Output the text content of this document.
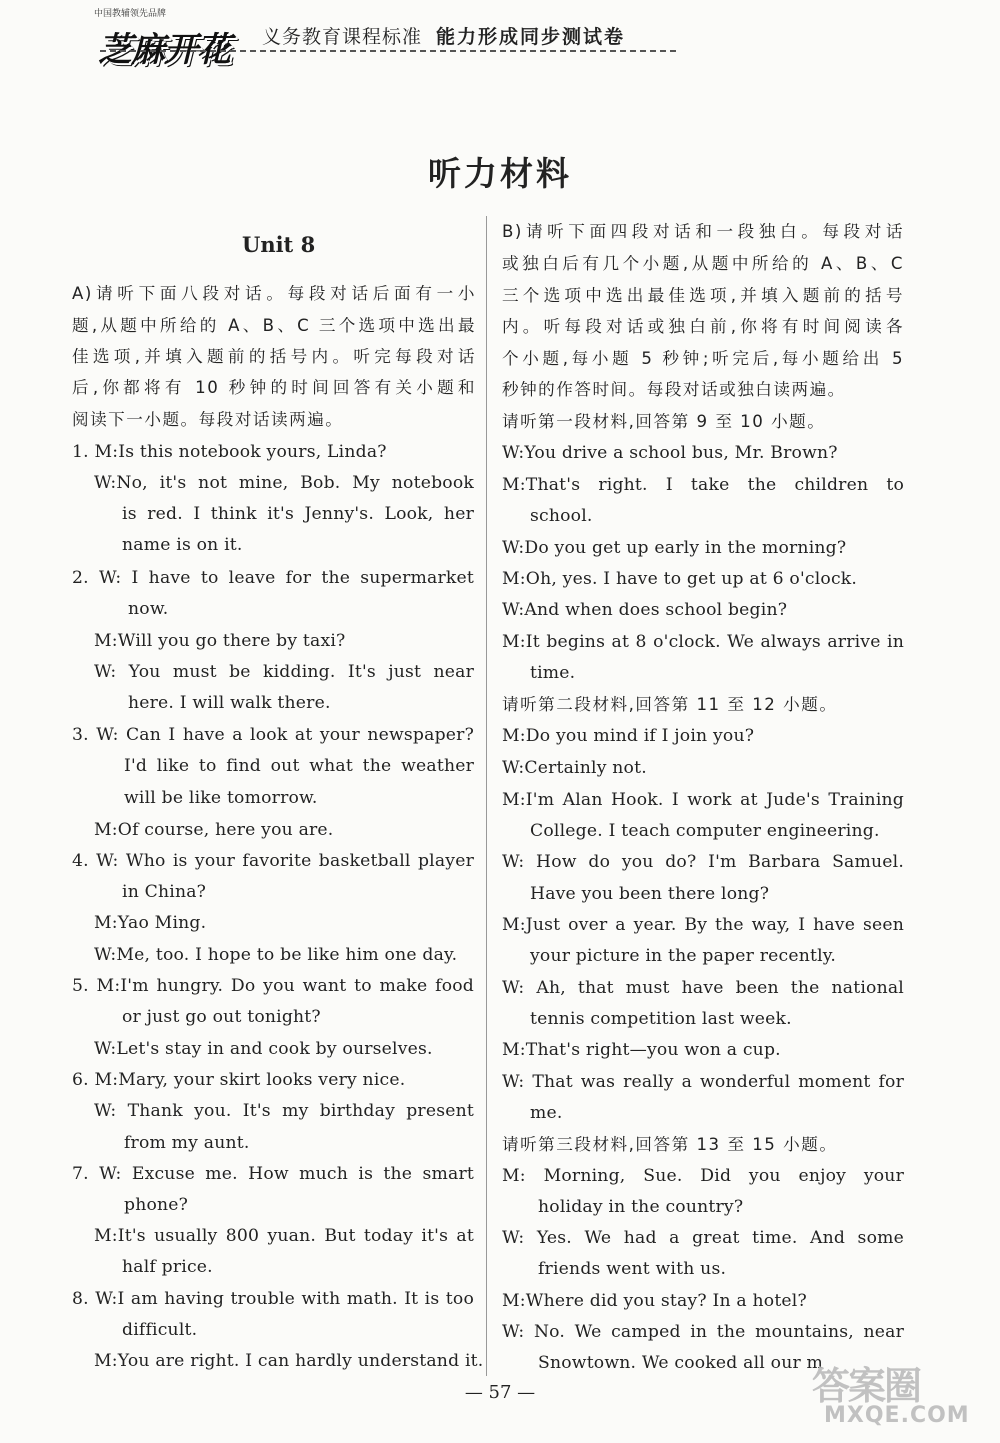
中国教辅领先品牌
芝麻开花 义务教育课程标准 能力形成同步测试卷
听力材料
Unit 8
A)请听下面八段对话。每段对话后面有一小
题,从题中所给的 A、B、C 三个选项中选出最
佳选项,并填入题前的括号内。听完每段对话
后,你都将有 10 秒钟的时间回答有关小题和
阅读下一小题。每段对话读两遍。
1. M:Is this notebook yours, Linda?
W:No, it's not mine, Bob. My notebook
is red. I think it's Jenny's. Look, her
name is on it.
2. W: I have to leave for the supermarket
now.
M:Will you go there by taxi?
W: You must be kidding. It's just near
here. I will walk there.
3. W: Can I have a look at your newspaper?
I'd like to find out what the weather
will be like tomorrow.
M:Of course, here you are.
4. W: Who is your favorite basketball player
in China?
M:Yao Ming.
W:Me, too. I hope to be like him one day.
5. M:I'm hungry. Do you want to make food
or just go out tonight?
W:Let's stay in and cook by ourselves.
6. M:Mary, your skirt looks very nice.
W: Thank you. It's my birthday present
from my aunt.
7. W: Excuse me. How much is the smart
phone?
M:It's usually 800 yuan. But today it's at
half price.
8. W:I am having trouble with math. It is too
difficult.
M:You are right. I can hardly understand it.
B)请听下面四段对话和一段独白。每段对话
或独白后有几个小题,从题中所给的 A、B、C
三个选项中选出最佳选项,并填入题前的括号
内。听每段对话或独白前,你将有时间阅读各
个小题,每小题 5 秒钟;听完后,每小题给出 5
秒钟的作答时间。每段对话或独白读两遍。
请听第一段材料,回答第 9 至 10 小题。
W:You drive a school bus, Mr. Brown?
M:That's right. I take the children to
school.
W:Do you get up early in the morning?
M:Oh, yes. I have to get up at 6 o'clock.
W:And when does school begin?
M:It begins at 8 o'clock. We always arrive in
time.
请听第二段材料,回答第 11 至 12 小题。
M:Do you mind if I join you?
W:Certainly not.
M:I'm Alan Hook. I work at Jude's Training
College. I teach computer engineering.
W: How do you do? I'm Barbara Samuel.
Have you been there long?
M:Just over a year. By the way, I have seen
your picture in the paper recently.
W: Ah, that must have been the national
tennis competition last week.
M:That's right—you won a cup.
W: That was really a wonderful moment for
me.
请听第三段材料,回答第 13 至 15 小题。
M: Morning, Sue. Did you enjoy your
holiday in the country?
W: Yes. We had a great time. And some
friends went with us.
M:Where did you stay? In a hotel?
W: No. We camped in the mountains, near
Snowtown. We cooked all our m
— 57 —	答案圈
MXQE.COM
